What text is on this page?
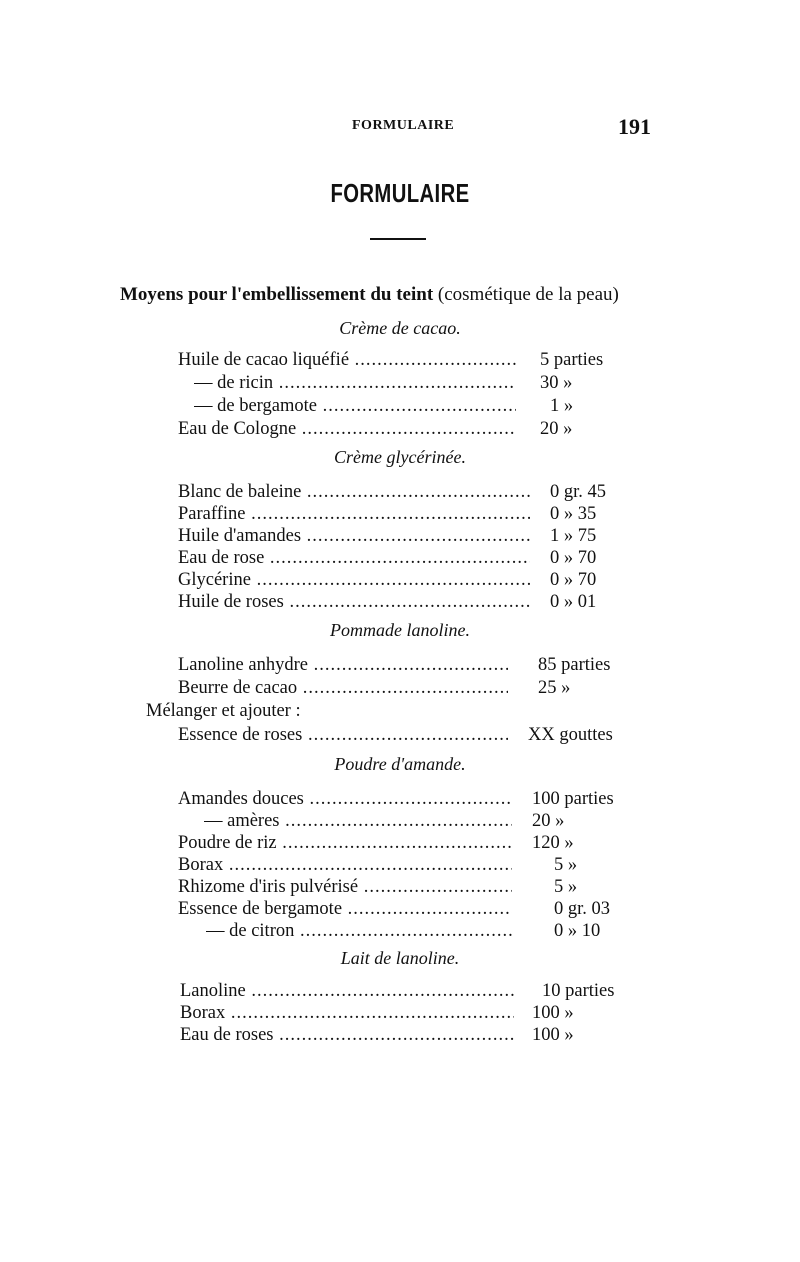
FORMULAIRE	191
FORMULAIRE
Moyens pour l'embellissement du teint (cosmétique de la peau)
Crème de cacao.
Huile de cacao liquéfié .....	5 parties
— de ricin .....	30 »
— de bergamote .....	1 »
Eau de Cologne .....	20 »
Crème glycérinée.
Blanc de baleine .....	0 gr. 45
Paraffine .....	0 » 35
Huile d'amandes .....	1 » 75
Eau de rose .....	0 » 70
Glycérine .....	0 » 70
Huile de roses .....	0 » 01
Pommade lanoline.
Lanoline anhydre .....	85 parties
Beurre de cacao .....	25 »
Mélanger et ajouter :
Essence de roses .....	XX gouttes
Poudre d'amande.
Amandes douces .....	100 parties
— amères .....	20 »
Poudre de riz .....	120 »
Borax .....	5 »
Rhizome d'iris pulvérisé .....	5 »
Essence de bergamote .....	0 gr. 03
— de citron .....	0 » 10
Lait de lanoline.
Lanoline .....	10 parties
Borax .....	100 »
Eau de roses .....	100 »
